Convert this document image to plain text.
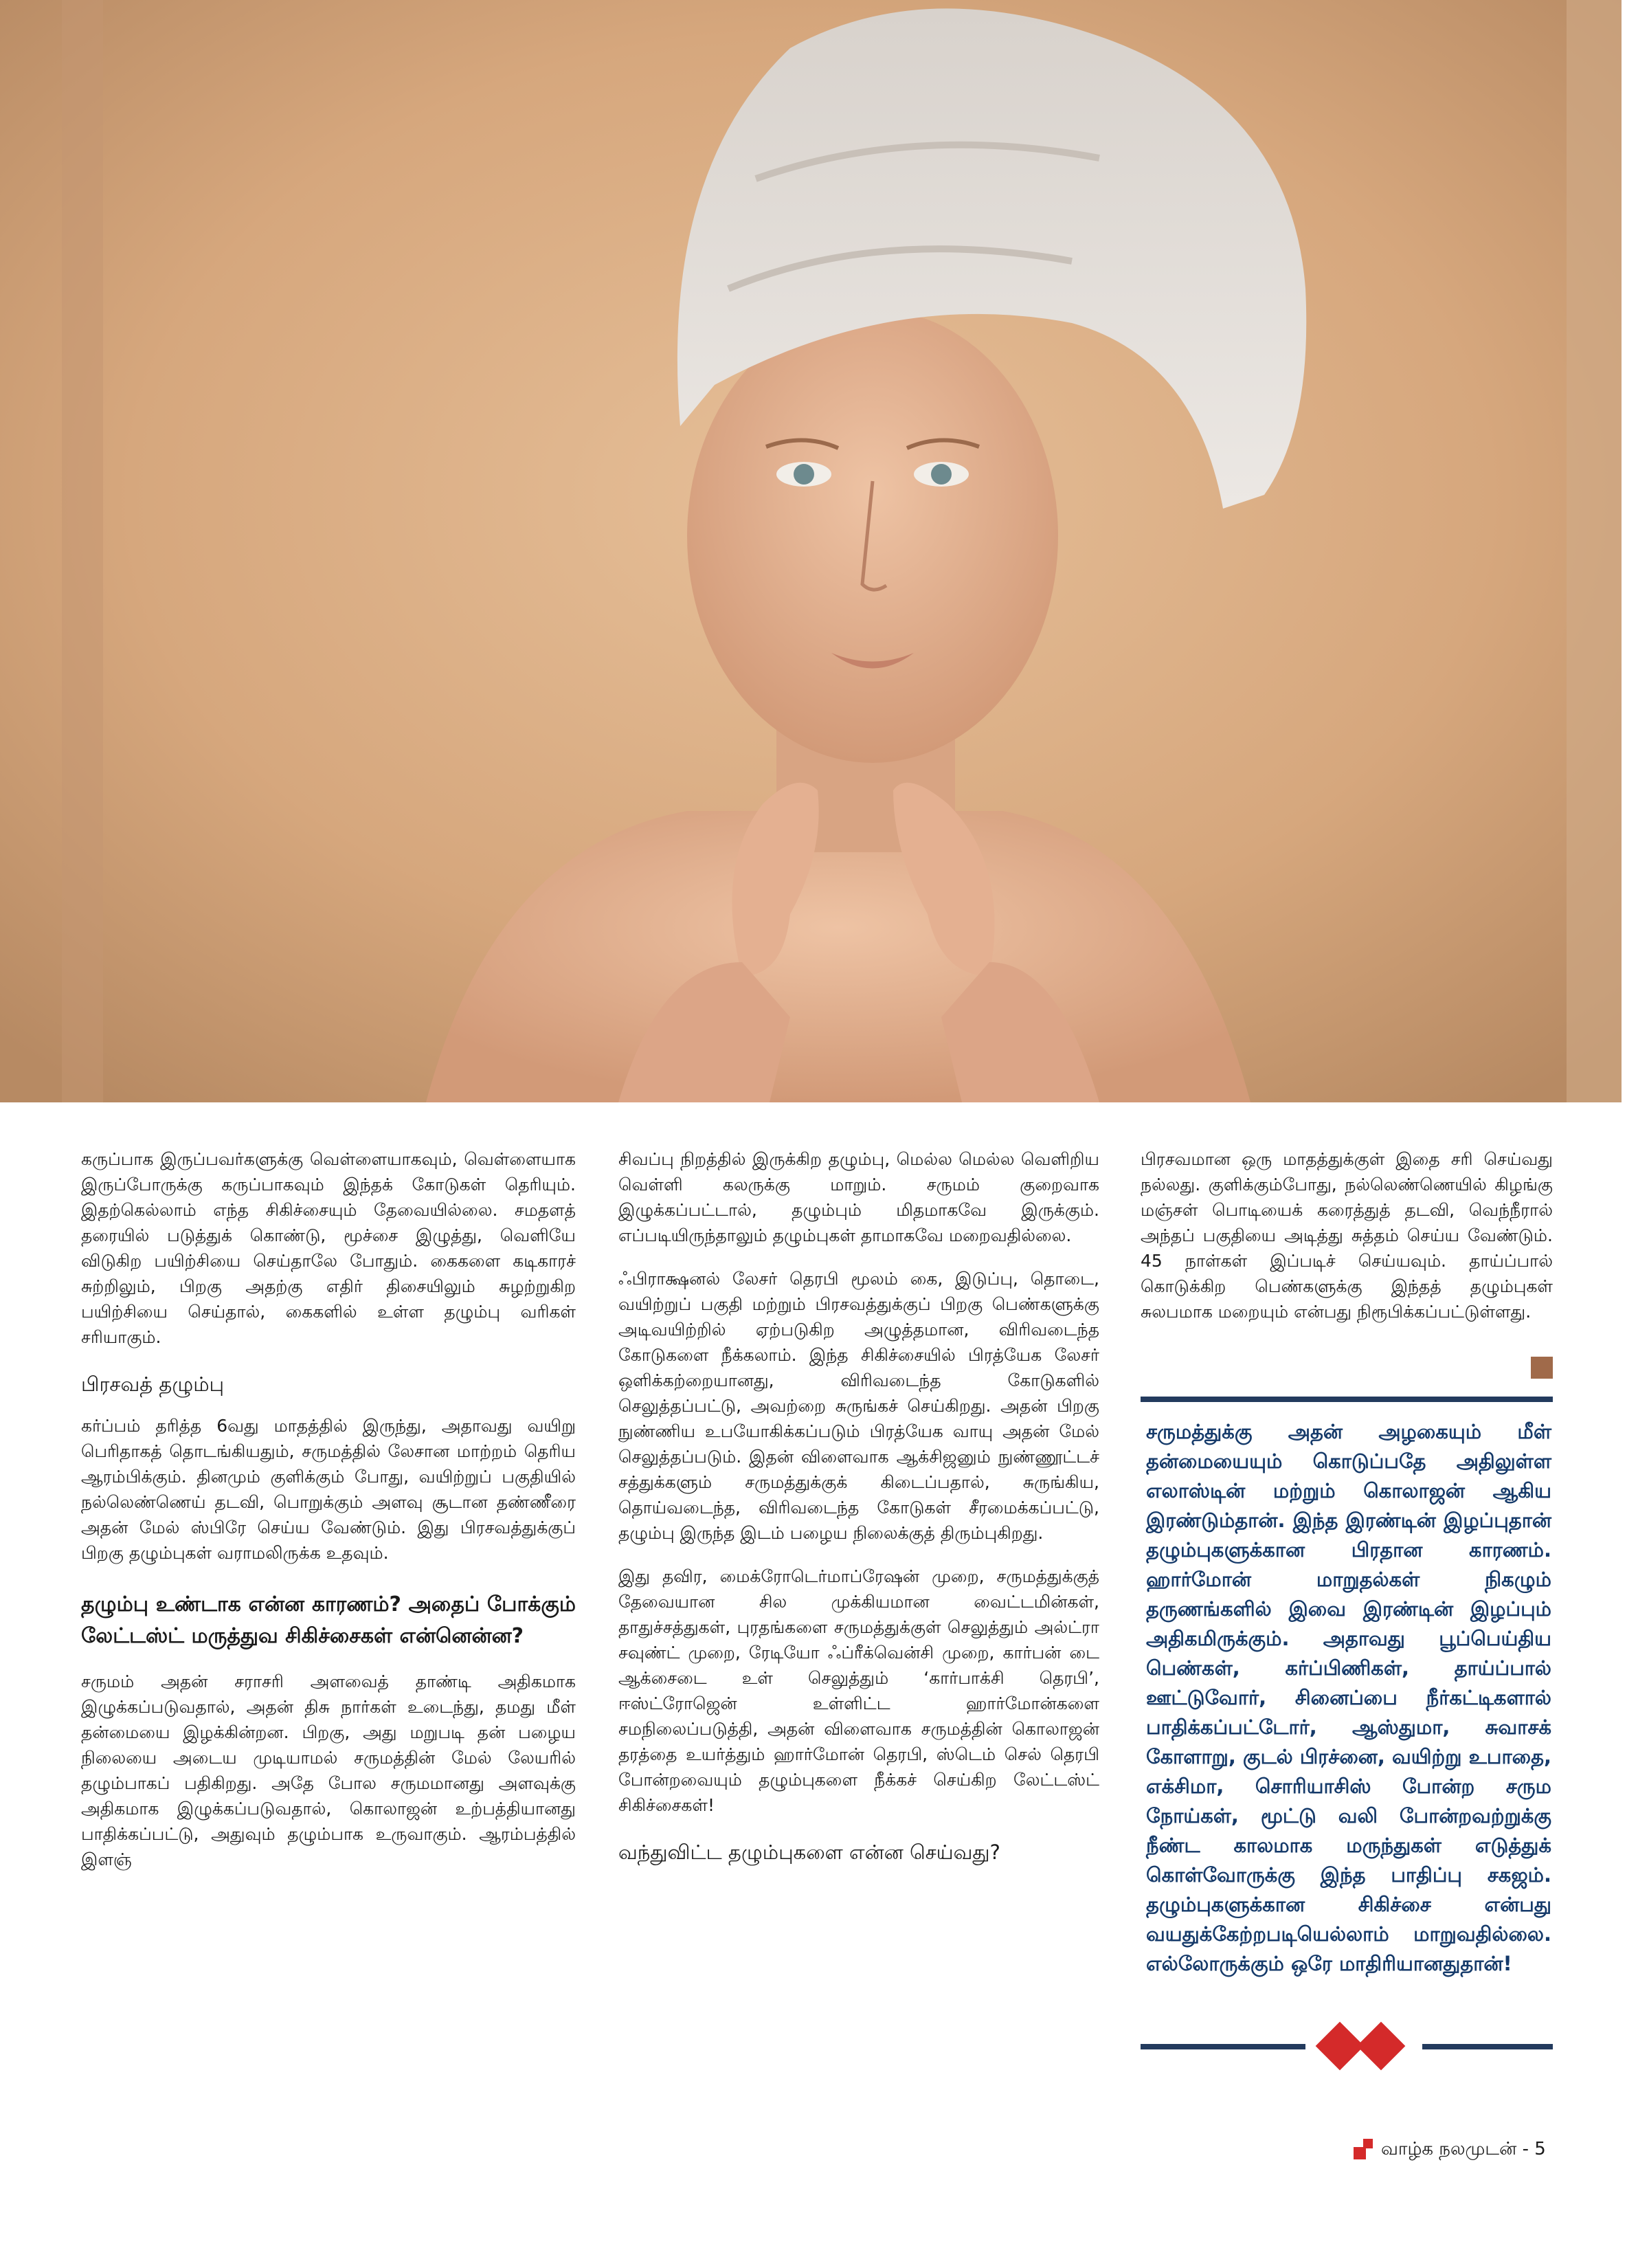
கருப்பாக இருப்பவர்களுக்கு வெள்ளையாகவும், வெள்ளையாக இருப்போருக்கு கருப்பாகவும் இந்தக் கோடுகள் தெரியும். இதற்கெல்லாம் எந்த சிகிச்சையும் தேவையில்லை. சமதளத் தரையில் படுத்துக் கொண்டு, மூச்சை இழுத்து, வெளியே விடுகிற பயிற்சியை செய்தாலே போதும். கைகளை கடிகாரச் சுற்றிலும், பிறகு அதற்கு எதிர் திசையிலும் சுழற்றுகிற பயிற்சியை செய்தால், கைகளில் உள்ள தழும்பு வரிகள் சரியாகும்.

பிரசவத் தழும்பு

கர்ப்பம் தரித்த 6வது மாதத்தில் இருந்து, அதாவது வயிறு பெரிதாகத் தொடங்கியதும், சருமத்தில் லேசான மாற்றம் தெரிய ஆரம்பிக்கும். தினமும் குளிக்கும் போது, வயிற்றுப் பகுதியில் நல்லெண்ணெய் தடவி, பொறுக்கும் அளவு சூடான தண்ணீரை அதன் மேல் ஸ்பிரே செய்ய வேண்டும். இது பிரசவத்துக்குப் பிறகு தழும்புகள் வராமலிருக்க உதவும்.

தழும்பு உண்டாக என்ன காரணம்? அதைப் போக்கும் லேட்டஸ்ட் மருத்துவ சிகிச்சைகள் என்னென்ன?

சருமம் அதன் சராசரி அளவைத் தாண்டி அதிகமாக இழுக்கப்படுவதால், அதன் திசு நார்கள் உடைந்து, தமது மீள் தன்மையை இழக்கின்றன. பிறகு, அது மறுபடி தன் பழைய நிலையை அடைய முடியாமல் சருமத்தின் மேல் லேயரில் தழும்பாகப் பதிகிறது. அதே போல சருமமானது அளவுக்கு அதிகமாக இழுக்கப்படுவதால், கொலாஜன் உற்பத்தியானது பாதிக்கப்பட்டு, அதுவும் தழும்பாக உருவாகும். ஆரம்பத்தில் இளஞ்

சிவப்பு நிறத்தில் இருக்கிற தழும்பு, மெல்ல மெல்ல வெளிறிய வெள்ளி கலருக்கு மாறும். சருமம் குறைவாக இழுக்கப்பட்டால், தழும்பும் மிதமாகவே இருக்கும். எப்படியிருந்தாலும் தழும்புகள் தாமாகவே மறைவதில்லை.

ஃபிராக்ஷனல் லேசர் தெரபி மூலம் கை, இடுப்பு, தொடை, வயிற்றுப் பகுதி மற்றும் பிரசவத்துக்குப் பிறகு பெண்களுக்கு அடிவயிற்றில் ஏற்படுகிற அழுத்தமான, விரிவடைந்த கோடுகளை நீக்கலாம். இந்த சிகிச்சையில் பிரத்யேக லேசர் ஒளிக்கற்றையானது, விரிவடைந்த கோடுகளில் செலுத்தப்பட்டு, அவற்றை சுருங்கச் செய்கிறது. அதன் பிறகு நுண்ணிய உபயோகிக்கப்படும் பிரத்யேக வாயு அதன் மேல் செலுத்தப்படும். இதன் விளைவாக ஆக்சிஜனும் நுண்ணூட்டச் சத்துக்களும் சருமத்துக்குக் கிடைப்பதால், சுருங்கிய, தொய்வடைந்த, விரிவடைந்த கோடுகள் சீரமைக்கப்பட்டு, தழும்பு இருந்த இடம் பழைய நிலைக்குத் திரும்புகிறது.

இது தவிர, மைக்ரோடெர்மாப்ரேஷன் முறை, சருமத்துக்குத் தேவையான சில முக்கியமான வைட்டமின்கள், தாதுச்சத்துகள், புரதங்களை சருமத்துக்குள் செலுத்தும் அல்ட்ரா சவுண்ட் முறை, ரேடியோ ஃப்ரீக்வென்சி முறை, கார்பன் டை ஆக்சைடை உள் செலுத்தும் ‘கார்பாக்சி தெரபி’, ஈஸ்ட்ரோஜென் உள்ளிட்ட ஹார்மோன்களை சமநிலைப்படுத்தி, அதன் விளைவாக சருமத்தின் கொலாஜன் தரத்தை உயர்த்தும் ஹார்மோன் தெரபி, ஸ்டெம் செல் தெரபி போன்றவையும் தழும்புகளை நீக்கச் செய்கிற லேட்டஸ்ட் சிகிச்சைகள்!

வந்துவிட்ட தழும்புகளை என்ன செய்வது?

பிரசவமான ஒரு மாதத்துக்குள் இதை சரி செய்வது நல்லது. குளிக்கும்போது, நல்லெண்ணெயில் கிழங்கு மஞ்சள் பொடியைக் கரைத்துத் தடவி, வெந்நீரால் அந்தப் பகுதியை அடித்து சுத்தம் செய்ய வேண்டும். 45 நாள்கள் இப்படிச் செய்யவும். தாய்ப்பால் கொடுக்கிற பெண்களுக்கு இந்தத் தழும்புகள் சுலபமாக மறையும் என்பது நிரூபிக்கப்பட்டுள்ளது.

சருமத்துக்கு அதன் அழகையும் மீள் தன்மையையும் கொடுப்பதே அதிலுள்ள எலாஸ்டின் மற்றும் கொலாஜன் ஆகிய இரண்டும்தான். இந்த இரண்டின் இழப்புதான் தழும்புகளுக்கான பிரதான காரணம். ஹார்மோன் மாறுதல்கள் நிகழும் தருணங்களில் இவை இரண்டின் இழப்பும் அதிகமிருக்கும். அதாவது பூப்பெய்திய பெண்கள், கர்ப்பிணிகள், தாய்ப்பால் ஊட்டுவோர், சினைப்பை நீர்கட்டிகளால் பாதிக்கப்பட்டோர், ஆஸ்துமா, சுவாசக் கோளாறு, குடல் பிரச்னை, வயிற்று உபாதை, எக்சிமா, சொரியாசிஸ் போன்ற சரும நோய்கள், மூட்டு வலி போன்றவற்றுக்கு நீண்ட காலமாக மருந்துகள் எடுத்துக் கொள்வோருக்கு இந்த பாதிப்பு சகஜம். தழும்புகளுக்கான சிகிச்சை என்பது வயதுக்கேற்றபடியெல்லாம் மாறுவதில்லை. எல்லோருக்கும் ஒரே மாதிரியானதுதான்!
வாழ்க நலமுடன் - 5
